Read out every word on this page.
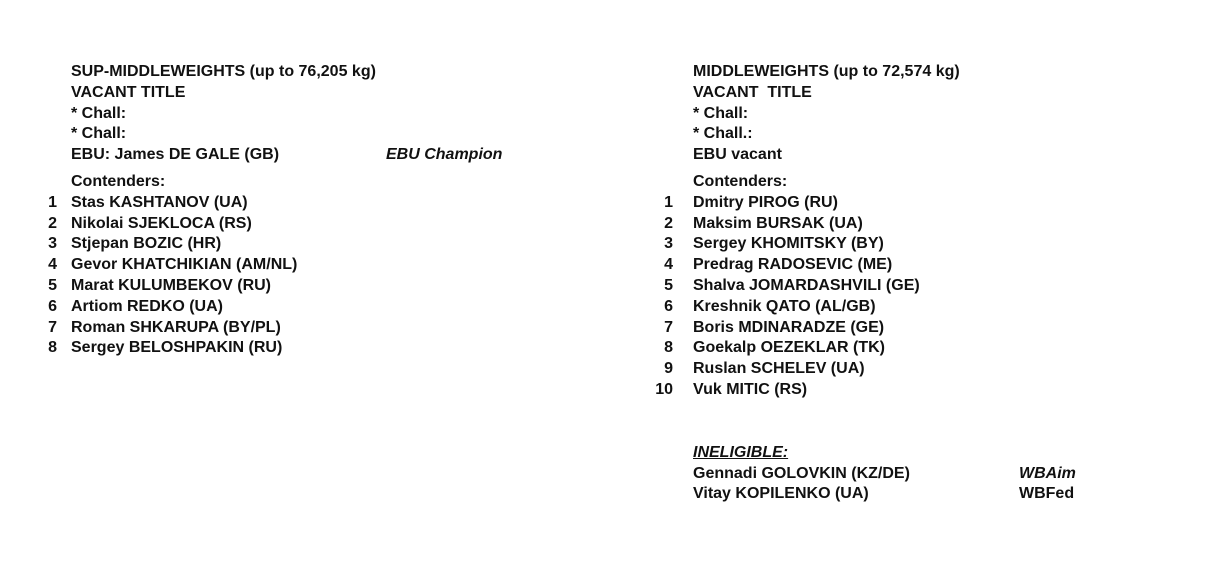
SUP-MIDDLEWEIGHTS (up to 76,205 kg)
VACANT TITLE
* Chall:
* Chall:
EBU: James DE GALE (GB)	EBU Champion
Contenders:
1 Stas KASHTANOV (UA)
2 Nikolai SJEKLOCA (RS)
3 Stjepan BOZIC (HR)
4 Gevor KHATCHIKIAN (AM/NL)
5 Marat KULUMBEKOV (RU)
6 Artiom REDKO (UA)
7 Roman SHKARUPA (BY/PL)
8 Sergey BELOSHPAKIN (RU)
MIDDLEWEIGHTS (up to 72,574 kg)
VACANT  TITLE
* Chall:
* Chall.:
EBU vacant
Contenders:
1 Dmitry PIROG (RU)
2 Maksim BURSAK (UA)
3 Sergey KHOMITSKY (BY)
4 Predrag RADOSEVIC (ME)
5 Shalva JOMARDASHVILI (GE)
6 Kreshnik QATO (AL/GB)
7 Boris MDINARADZE (GE)
8 Goekalp OEZEKLAR (TK)
9 Ruslan SCHELEV (UA)
10 Vuk MITIC (RS)
INELIGIBLE:
Gennadi GOLOVKIN (KZ/DE)	WBAim
Vitay KOPILENKO (UA)	WBFed
